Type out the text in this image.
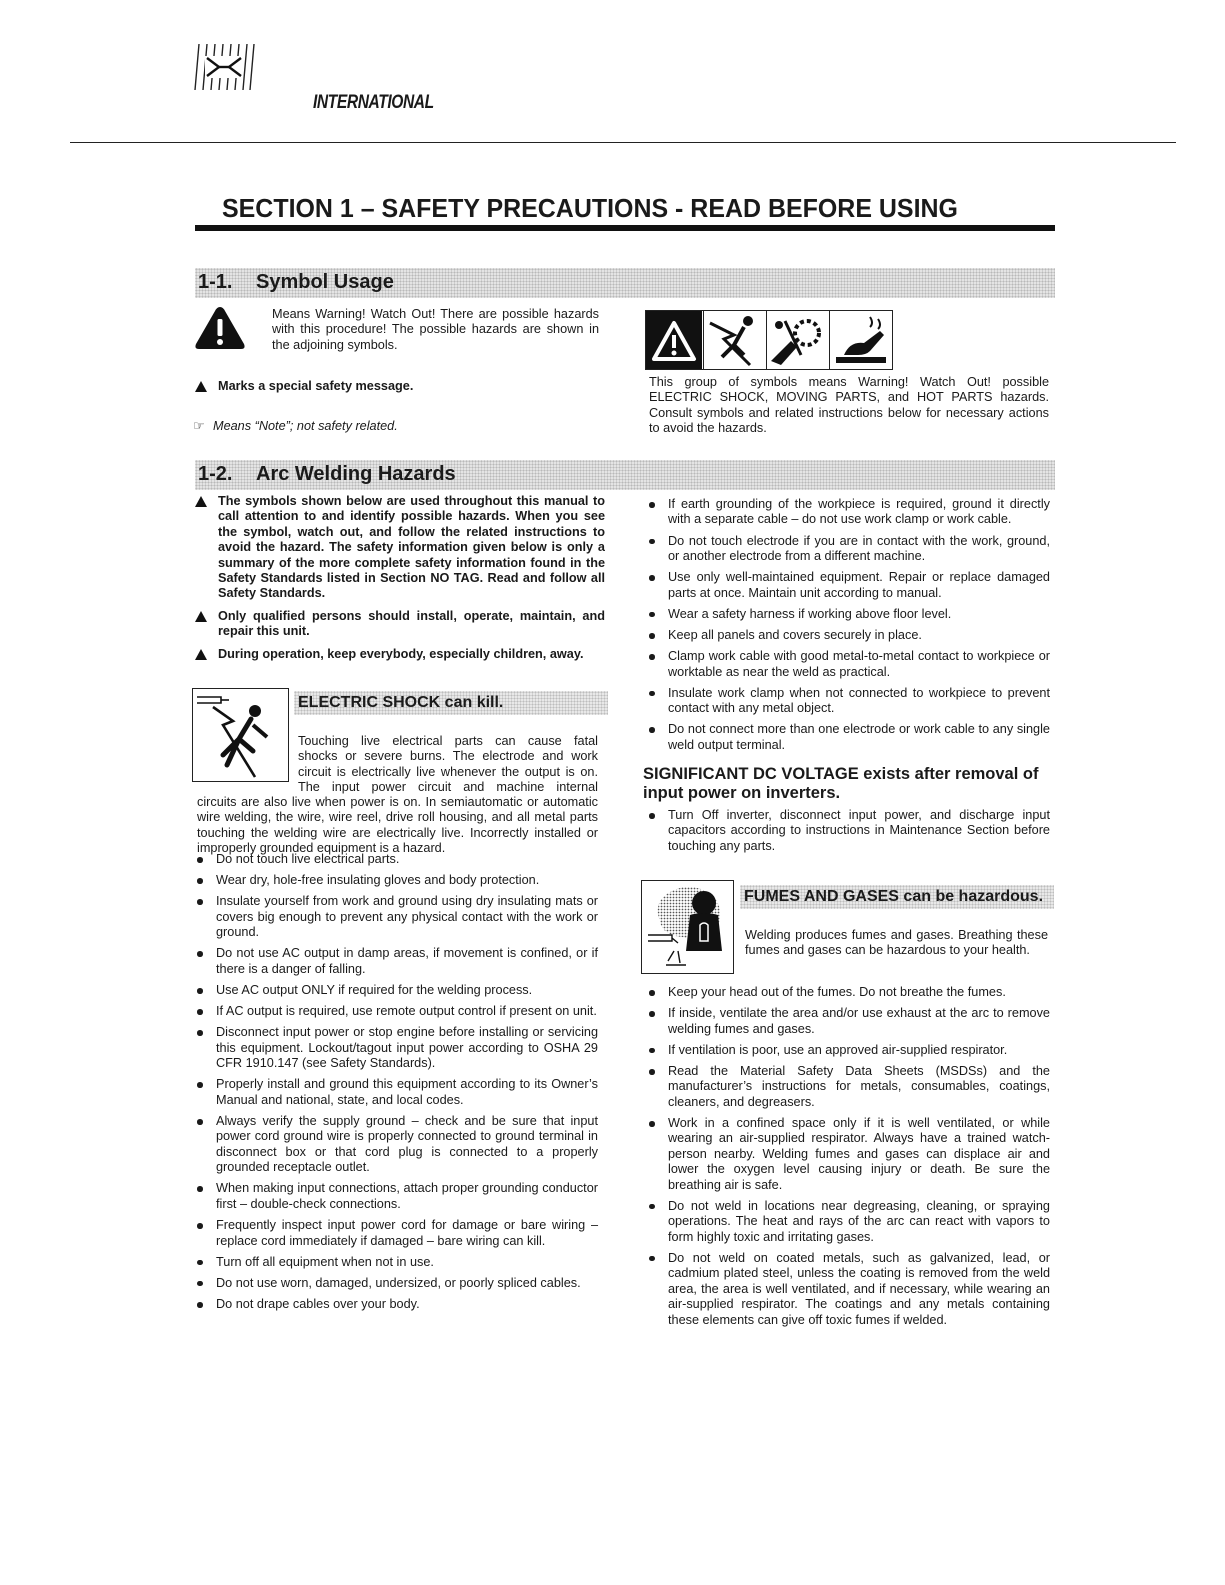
INTERNATIONAL
SECTION 1 – SAFETY PRECAUTIONS - READ BEFORE USING
1-1. Symbol Usage
Means Warning! Watch Out! There are possible hazards with this procedure! The possible hazards are shown in the adjoining symbols.
Marks a special safety message.
☞ Means “Note”; not safety related.
This group of symbols means Warning! Watch Out! possible ELECTRIC SHOCK, MOVING PARTS, and HOT PARTS hazards. Consult symbols and related instructions below for necessary actions to avoid the hazards.
1-2. Arc Welding Hazards
The symbols shown below are used throughout this manual to call attention to and identify possible hazards. When you see the symbol, watch out, and follow the related instructions to avoid the hazard. The safety information given below is only a summary of the more complete safety information found in the Safety Standards listed in Section NO TAG. Read and follow all Safety Standards.
Only qualified persons should install, operate, maintain, and repair this unit.
During operation, keep everybody, especially children, away.
ELECTRIC SHOCK can kill.
Touching live electrical parts can cause fatal
shocks or severe burns. The electrode and work
circuit is electrically live whenever the output is on.
The input power circuit and machine internal
circuits are also live when power is on. In semiautomatic or automatic wire welding, the wire, wire reel, drive roll housing, and all metal parts touching the welding wire are electrically live. Incorrectly installed or improperly grounded equipment is a hazard.
Do not touch live electrical parts.
Wear dry, hole-free insulating gloves and body protection.
Insulate yourself from work and ground using dry insulating mats or covers big enough to prevent any physical contact with the work or ground.
Do not use AC output in damp areas, if movement is confined, or if there is a danger of falling.
Use AC output ONLY if required for the welding process.
If AC output is required, use remote output control if present on unit.
Disconnect input power or stop engine before installing or servicing this equipment. Lockout/tagout input power according to OSHA 29 CFR 1910.147 (see Safety Standards).
Properly install and ground this equipment according to its Owner’s Manual and national, state, and local codes.
Always verify the supply ground – check and be sure that input power cord ground wire is properly connected to ground terminal in disconnect box or that cord plug is connected to a properly grounded receptacle outlet.
When making input connections, attach proper grounding conductor first – double-check connections.
Frequently inspect input power cord for damage or bare wiring – replace cord immediately if damaged – bare wiring can kill.
Turn off all equipment when not in use.
Do not use worn, damaged, undersized, or poorly spliced cables.
Do not drape cables over your body.
If earth grounding of the workpiece is required, ground it directly with a separate cable – do not use work clamp or work cable.
Do not touch electrode if you are in contact with the work, ground, or another electrode from a different machine.
Use only well-maintained equipment. Repair or replace damaged parts at once. Maintain unit according to manual.
Wear a safety harness if working above floor level.
Keep all panels and covers securely in place.
Clamp work cable with good metal-to-metal contact to workpiece or worktable as near the weld as practical.
Insulate work clamp when not connected to workpiece to prevent contact with any metal object.
Do not connect more than one electrode or work cable to any single weld output terminal.
SIGNIFICANT DC VOLTAGE exists after removal of input power on inverters.
Turn Off inverter, disconnect input power, and discharge input capacitors according to instructions in Maintenance Section before touching any parts.
FUMES AND GASES can be hazardous.
Welding produces fumes and gases. Breathing these fumes and gases can be hazardous to your health.
Keep your head out of the fumes. Do not breathe the fumes.
If inside, ventilate the area and/or use exhaust at the arc to remove welding fumes and gases.
If ventilation is poor, use an approved air-supplied respirator.
Read the Material Safety Data Sheets (MSDSs) and the manufacturer’s instructions for metals, consumables, coatings, cleaners, and degreasers.
Work in a confined space only if it is well ventilated, or while wearing an air-supplied respirator. Always have a trained watch-person nearby. Welding fumes and gases can displace air and lower the oxygen level causing injury or death. Be sure the breathing air is safe.
Do not weld in locations near degreasing, cleaning, or spraying operations. The heat and rays of the arc can react with vapors to form highly toxic and irritating gases.
Do not weld on coated metals, such as galvanized, lead, or cadmium plated steel, unless the coating is removed from the weld area, the area is well ventilated, and if necessary, while wearing an air-supplied respirator. The coatings and any metals containing these elements can give off toxic fumes if welded.
